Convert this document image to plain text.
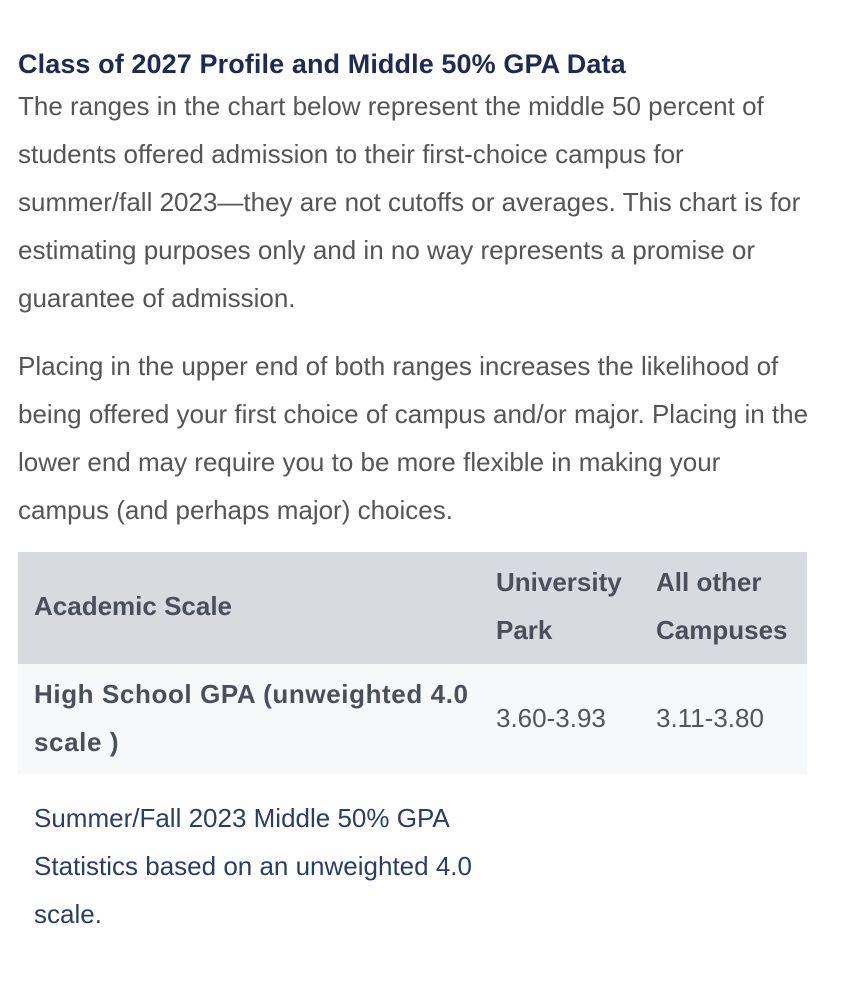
Class of 2027 Profile and Middle 50% GPA Data

The ranges in the chart below represent the middle 50 percent of students offered admission to their first-choice campus for summer/fall 2023—they are not cutoffs or averages. This chart is for estimating purposes only and in no way represents a promise or guarantee of admission.

Placing in the upper end of both ranges increases the likelihood of being offered your first choice of campus and/or major. Placing in the lower end may require you to be more flexible in making your campus (and perhaps major) choices.

Academic Scale	University Park	All other Campuses
High School GPA (unweighted 4.0 scale )	3.60-3.93	3.11-3.80

Summer/Fall 2023 Middle 50% GPA Statistics based on an unweighted 4.0 scale.
